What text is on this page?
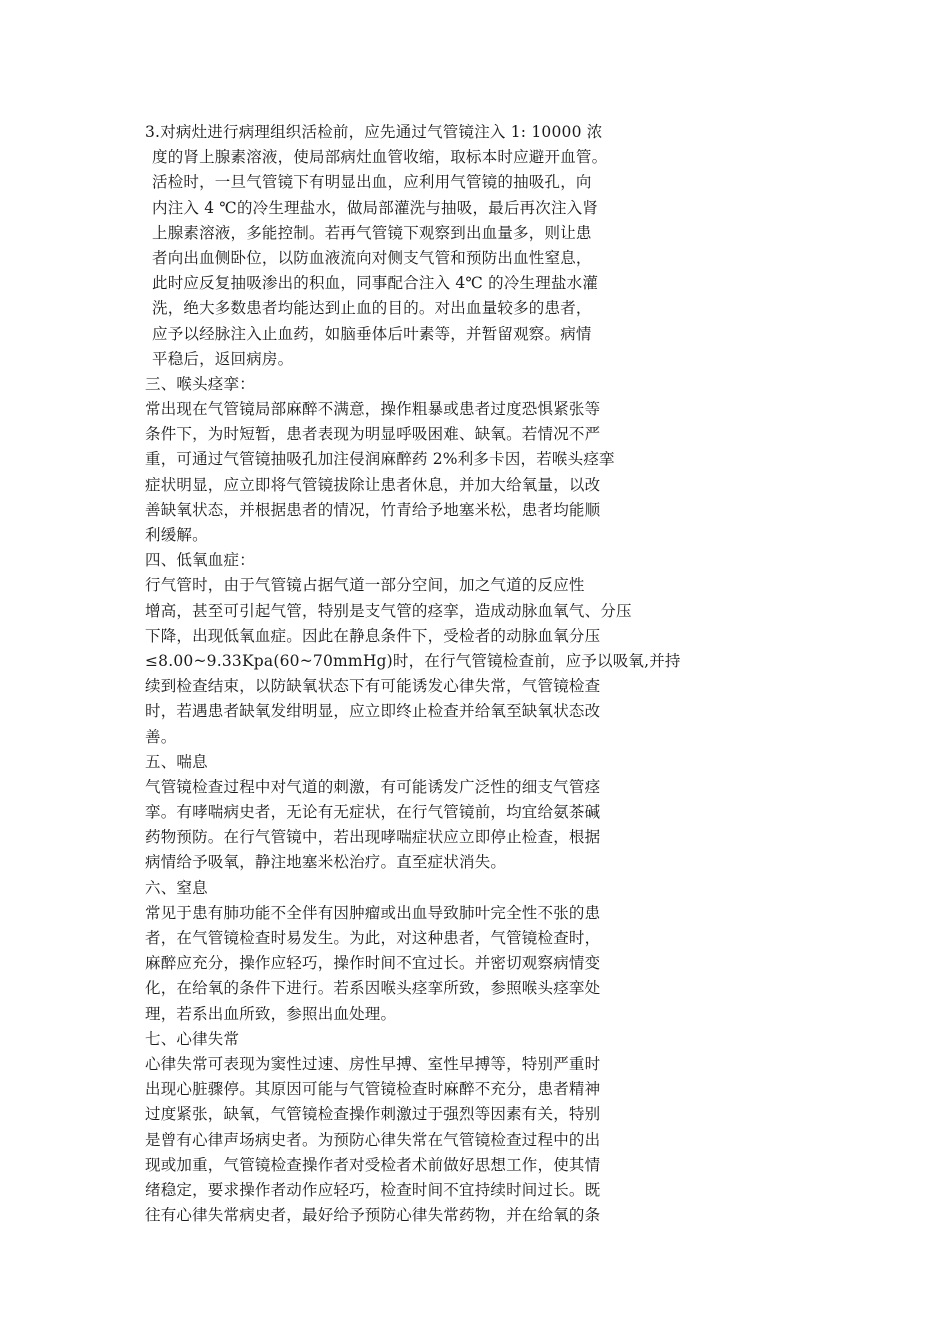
3.对病灶进行病理组织活检前，应先通过气管镜注入 1: 10000 浓
度的肾上腺素溶液，使局部病灶血管收缩，取标本时应避开血管。
活检时，一旦气管镜下有明显出血，应利用气管镜的抽吸孔，向
内注入 4 ℃的冷生理盐水，做局部灌洗与抽吸，最后再次注入肾
上腺素溶液，多能控制。若再气管镜下观察到出血量多，则让患
者向出血侧卧位，以防血液流向对侧支气管和预防出血性窒息，
此时应反复抽吸渗出的积血，同事配合注入 4℃ 的冷生理盐水灌
洗，绝大多数患者均能达到止血的目的。对出血量较多的患者，
应予以经脉注入止血药，如脑垂体后叶素等，并暂留观察。病情
平稳后，返回病房。
三、喉头痉挛：
常出现在气管镜局部麻醉不满意，操作粗暴或患者过度恐惧紧张等
条件下，为时短暂，患者表现为明显呼吸困难、缺氧。若情况不严
重，可通过气管镜抽吸孔加注侵润麻醉药 2%利多卡因，若喉头痉挛
症状明显，应立即将气管镜拔除让患者休息，并加大给氧量，以改
善缺氧状态，并根据患者的情况，竹青给予地塞米松，患者均能顺
利缓解。
四、低氧血症：
行气管时，由于气管镜占据气道一部分空间，加之气道的反应性
增高，甚至可引起气管，特别是支气管的痉挛，造成动脉血氧气、分压
下降，出现低氧血症。因此在静息条件下，受检者的动脉血氧分压
≤8.00~9.33Kpa(60~70mmHg)时，在行气管镜检查前，应予以吸氧,并持
续到检查结束，以防缺氧状态下有可能诱发心律失常，气管镜检查
时，若遇患者缺氧发绀明显，应立即终止检查并给氧至缺氧状态改
善。
五、喘息
气管镜检查过程中对气道的刺激，有可能诱发广泛性的细支气管痉
挛。有哮喘病史者，无论有无症状，在行气管镜前，均宜给氨茶碱
药物预防。在行气管镜中，若出现哮喘症状应立即停止检查，根据
病情给予吸氧，静注地塞米松治疗。直至症状消失。
六、窒息
常见于患有肺功能不全伴有因肿瘤或出血导致肺叶完全性不张的患
者，在气管镜检查时易发生。为此，对这种患者，气管镜检查时，
麻醉应充分，操作应轻巧，操作时间不宜过长。并密切观察病情变
化，在给氧的条件下进行。若系因喉头痉挛所致，参照喉头痉挛处
理，若系出血所致，参照出血处理。
七、心律失常
心律失常可表现为窦性过速、房性早搏、室性早搏等，特别严重时
出现心脏骤停。其原因可能与气管镜检查时麻醉不充分，患者精神
过度紧张，缺氧，气管镜检查操作刺激过于强烈等因素有关，特别
是曾有心律声场病史者。为预防心律失常在气管镜检查过程中的出
现或加重，气管镜检查操作者对受检者术前做好思想工作，使其情
绪稳定，要求操作者动作应轻巧，检查时间不宜持续时间过长。既
往有心律失常病史者，最好给予预防心律失常药物，并在给氧的条
